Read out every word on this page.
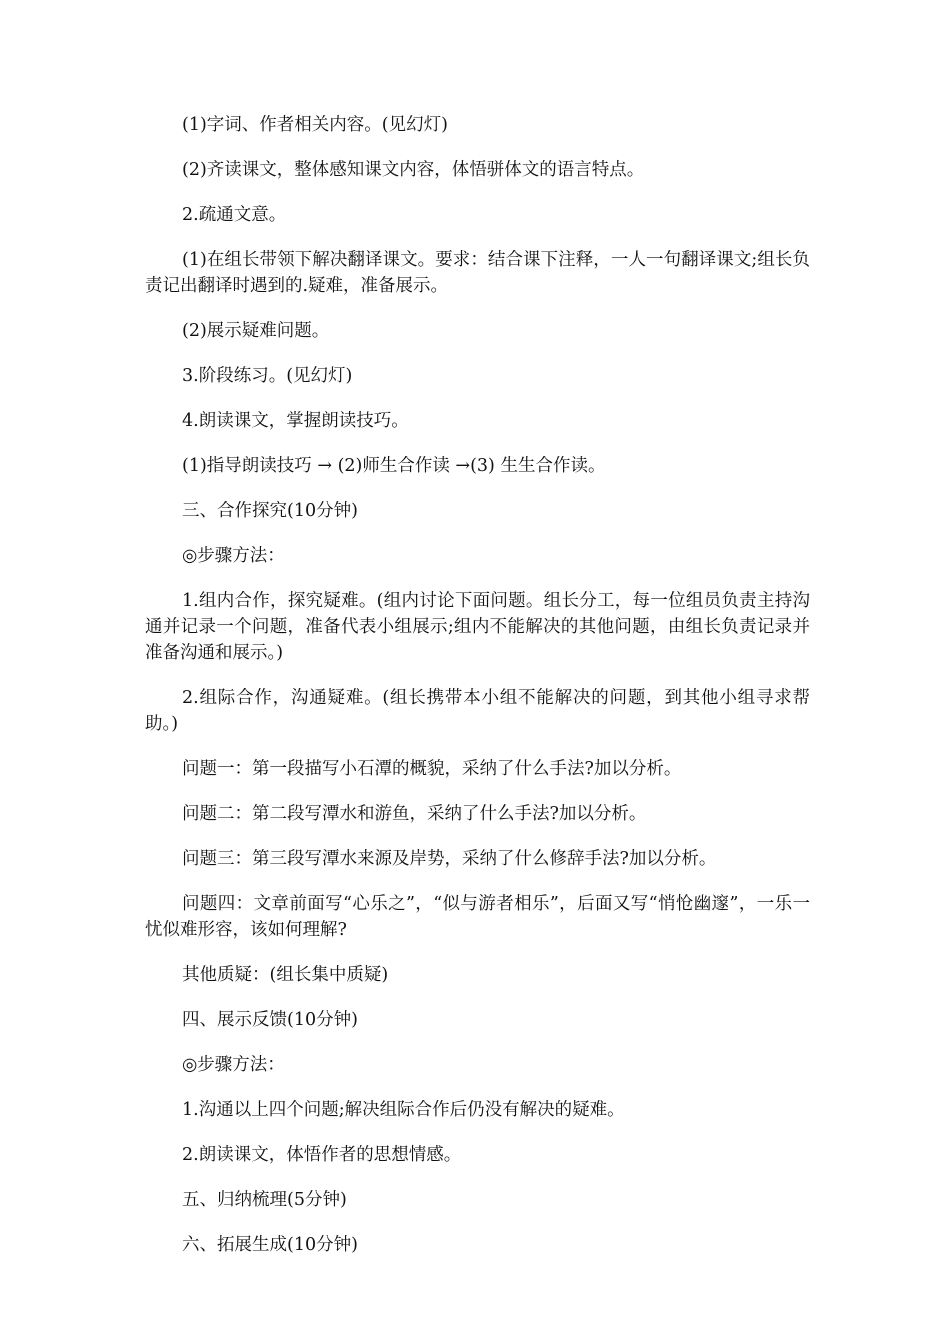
(1)字词、作者相关内容。(见幻灯)

(2)齐读课文，整体感知课文内容，体悟骈体文的语言特点。

2.疏通文意。

(1)在组长带领下解决翻译课文。要求：结合课下注释，一人一句翻译课文;组长负责记出翻译时遇到的.疑难，准备展示。

(2)展示疑难问题。

3.阶段练习。(见幻灯)

4.朗读课文，掌握朗读技巧。

(1)指导朗读技巧 → (2)师生合作读 →(3) 生生合作读。

三、合作探究(10分钟)

◎步骤方法：

1.组内合作，探究疑难。(组内讨论下面问题。组长分工，每一位组员负责主持沟通并记录一个问题，准备代表小组展示;组内不能解决的其他问题，由组长负责记录并准备沟通和展示。)

2.组际合作，沟通疑难。(组长携带本小组不能解决的问题，到其他小组寻求帮助。)

问题一：第一段描写小石潭的概貌，采纳了什么手法?加以分析。

问题二：第二段写潭水和游鱼，采纳了什么手法?加以分析。

问题三：第三段写潭水来源及岸势，采纳了什么修辞手法?加以分析。

问题四：文章前面写“心乐之”，“似与游者相乐”，后面又写“悄怆幽邃”，一乐一忧似难形容，该如何理解?

其他质疑：(组长集中质疑)

四、展示反馈(10分钟)

◎步骤方法：

1.沟通以上四个问题;解决组际合作后仍没有解决的疑难。

2.朗读课文，体悟作者的思想情感。

五、归纳梳理(5分钟)

六、拓展生成(10分钟)
